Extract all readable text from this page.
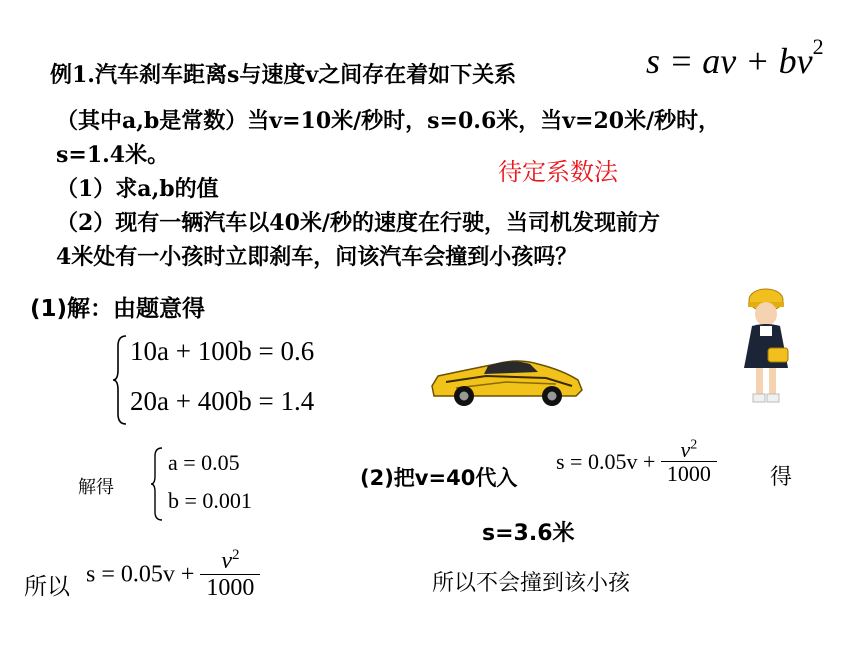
例1.汽车刹车距离s与速度v之间存在着如下关系	s = av + $bv^2$
（其中a,b是常数）当v=10米/秒时，s=0.6米，当v=20米/秒时，
s=1.4米。
待定系数法
（1）求a,b的值
（2）现有一辆汽车以40米/秒的速度在行驶，当司机发现前方
4米处有一小孩时立即刹车，问该汽车会撞到小孩吗？
(1)解：由题意得
10a + 100b = 0.6
20a + 400b = 1.4
解得
a = 0.05
b = 0.001
(2)把v=40代入
$s = 0.05v + \frac{v^2}{1000}$ 得
s=3.6米
所以 $s = 0.05v + \frac{v^2}{1000}$	所以不会撞到该小孩
